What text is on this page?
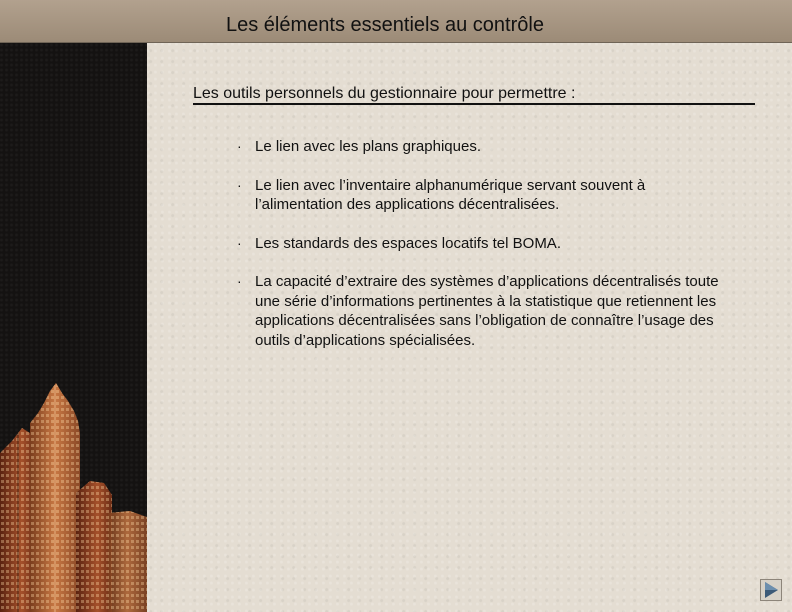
Les éléments essentiels au contrôle
Les outils personnels du gestionnaire pour permettre :
· Le lien avec les plans graphiques.
· Le lien avec l’inventaire alphanumérique servant souvent à l’alimentation des applications décentralisées.
· Les standards des espaces locatifs tel BOMA.
· La capacité d’extraire des systèmes d’applications décentralisés toute une série d’informations pertinentes à la statistique que retiennent les applications décentralisées sans l’obligation de connaître l’usage des outils d’applications spécialisées.
